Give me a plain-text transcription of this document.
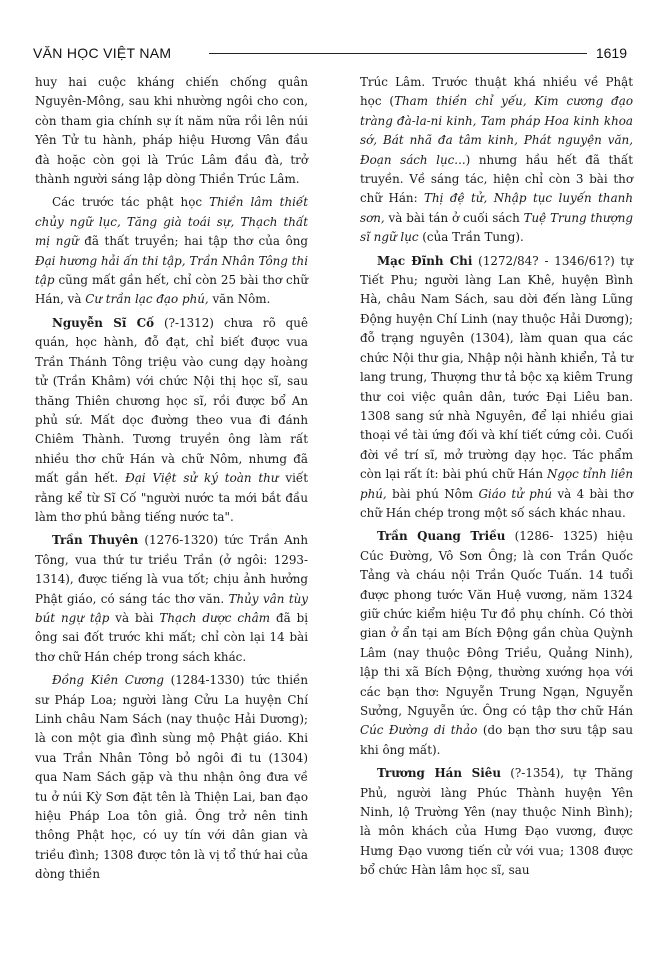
VĂN HỌC VIỆT NAM	1619

huy hai cuộc kháng chiến chống quân Nguyên-Mông, sau khi nhường ngôi cho con, còn tham gia chính sự ít năm nữa rồi lên núi Yên Tử tu hành, pháp hiệu Hương Vân đầu đà hoặc còn gọi là Trúc Lâm đầu đà, trở thành người sáng lập dòng Thiền Trúc Lâm.

Các trước tác phật học Thiền lâm thiết chủy ngữ lục, Tăng già toái sự, Thạch thất mị ngữ đã thất truyền; hai tập thơ của ông Đại hương hải ấn thi tập, Trần Nhân Tông thi tập cũng mất gần hết, chỉ còn 25 bài thơ chữ Hán, và Cư trần lạc đạo phú, văn Nôm.

Nguyễn Sĩ Cố (?-1312) chưa rõ quê quán, học hành, đỗ đạt, chỉ biết được vua Trần Thánh Tông triệu vào cung dạy hoàng tử (Trần Khâm) với chức Nội thị học sĩ, sau thăng Thiên chương học sĩ, rồi được bổ An phủ sứ. Mất dọc đường theo vua đi đánh Chiêm Thành. Tương truyền ông làm rất nhiều thơ chữ Hán và chữ Nôm, nhưng đã mất gần hết. Đại Việt sử ký toàn thư viết rằng kể từ Sĩ Cố "người nước ta mới bắt đầu làm thơ phú bằng tiếng nước ta".

Trần Thuyên (1276-1320) tức Trần Anh Tông, vua thứ tư triều Trần (ở ngôi: 1293-1314), được tiếng là vua tốt; chịu ảnh hưởng Phật giáo, có sáng tác thơ văn. Thủy vân tùy bút ngự tập và bài Thạch dược châm đã bị ông sai đốt trước khi mất; chỉ còn lại 14 bài thơ chữ Hán chép trong sách khác.

Đồng Kiên Cương (1284-1330) tức thiền sư Pháp Loa; người làng Cửu La huyện Chí Linh châu Nam Sách (nay thuộc Hải Dương); là con một gia đình sùng mộ Phật giáo. Khi vua Trần Nhân Tông bỏ ngôi đi tu (1304) qua Nam Sách gặp và thu nhận ông đưa về tu ở núi Kỳ Sơn đặt tên là Thiện Lai, ban đạo hiệu Pháp Loa tôn giả. Ông trở nên tinh thông Phật học, có uy tín với dân gian và triều đình; 1308 được tôn là vị tổ thứ hai của dòng thiền

Trúc Lâm. Trước thuật khá nhiều về Phật học (Tham thiền chỉ yếu, Kim cương đạo tràng đà-la-ni kinh, Tam pháp Hoa kinh khoa sớ, Bát nhã đa tâm kinh, Phát nguyện văn, Đoạn sách lục...) nhưng hầu hết đã thất truyền. Về sáng tác, hiện chỉ còn 3 bài thơ chữ Hán: Thị đệ tử, Nhập tục luyến thanh sơn, và bài tán ở cuối sách Tuệ Trung thượng sĩ ngữ lục (của Trần Tung).

Mạc Đĩnh Chi (1272/84? - 1346/61?) tự Tiết Phu; người làng Lan Khê, huyện Bình Hà, châu Nam Sách, sau dời đến làng Lũng Động huyện Chí Linh (nay thuộc Hải Dương); đỗ trạng nguyên (1304), làm quan qua các chức Nội thư gia, Nhập nội hành khiển, Tả tư lang trung, Thượng thư tả bộc xạ kiêm Trung thư coi việc quân dân, tước Đại Liêu ban. 1308 sang sứ nhà Nguyên, để lại nhiều giai thoại về tài ứng đối và khí tiết cứng cỏi. Cuối đời về trí sĩ, mở trường dạy học. Tác phẩm còn lại rất ít: bài phú chữ Hán Ngọc tỉnh liên phú, bài phú Nôm Giáo tử phú và 4 bài thơ chữ Hán chép trong một số sách khác nhau.

Trần Quang Triều (1286- 1325) hiệu Cúc Đường, Vô Sơn Ông; là con Trần Quốc Tảng và cháu nội Trần Quốc Tuấn. 14 tuổi được phong tước Văn Huệ vương, năm 1324 giữ chức kiểm hiệu Tư đồ phụ chính. Có thời gian ở ẩn tại am Bích Động gần chùa Quỳnh Lâm (nay thuộc Đông Triều, Quảng Ninh), lập thi xã Bích Động, thường xướng họa với các bạn thơ: Nguyễn Trung Ngạn, Nguyễn Sưởng, Nguyễn ức. Ông có tập thơ chữ Hán Cúc Đường di thảo (do bạn thơ sưu tập sau khi ông mất).

Trương Hán Siêu (?-1354), tự Thăng Phủ, người làng Phúc Thành huyện Yên Ninh, lộ Trường Yên (nay thuộc Ninh Bình); là môn khách của Hưng Đạo vương, được Hưng Đạo vương tiến cử với vua; 1308 được bổ chức Hàn lâm học sĩ, sau
